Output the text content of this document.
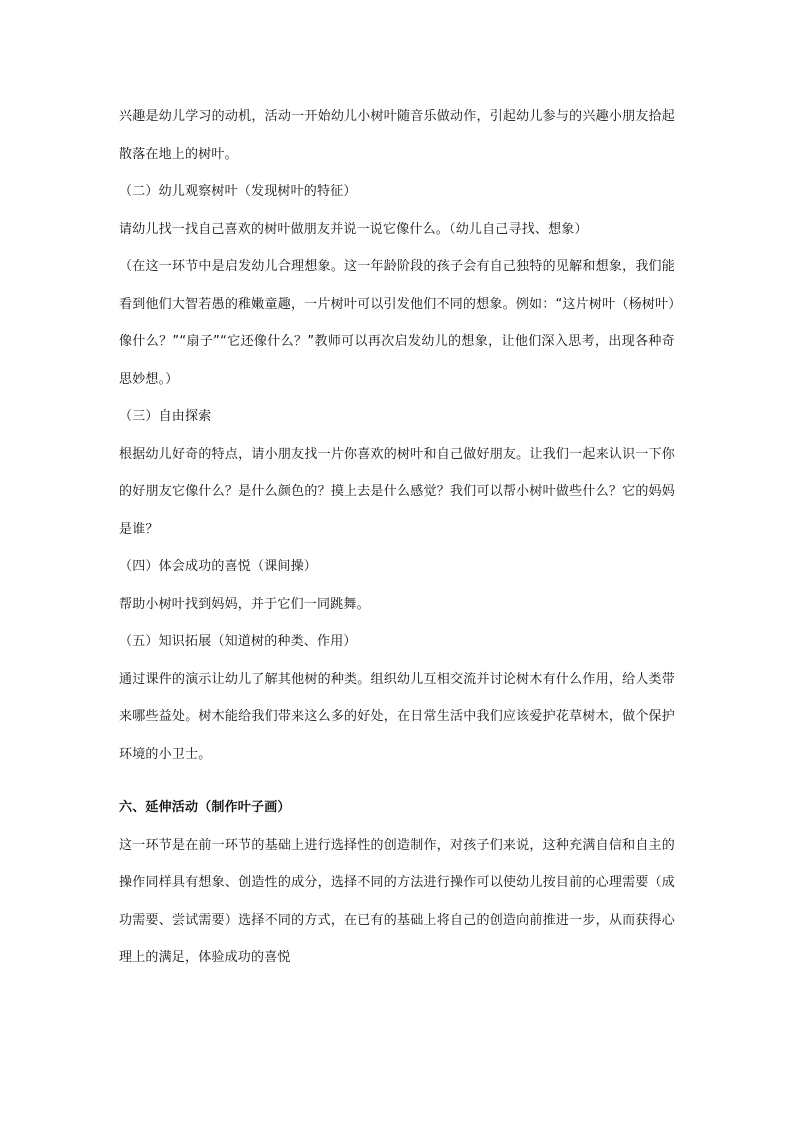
兴趣是幼儿学习的动机，活动一开始幼儿小树叶随音乐做动作，引起幼儿参与的兴趣小朋友拾起散落在地上的树叶。

（二）幼儿观察树叶（发现树叶的特征）

请幼儿找一找自己喜欢的树叶做朋友并说一说它像什么。（幼儿自己寻找、想象）

（在这一环节中是启发幼儿合理想象。这一年龄阶段的孩子会有自己独特的见解和想象，我们能看到他们大智若愚的稚嫩童趣，一片树叶可以引发他们不同的想象。例如：“这片树叶（杨树叶）像什么？”“扇子”“它还像什么？”教师可以再次启发幼儿的想象，让他们深入思考，出现各种奇思妙想。）

（三）自由探索

根据幼儿好奇的特点，请小朋友找一片你喜欢的树叶和自己做好朋友。让我们一起来认识一下你的好朋友它像什么？是什么颜色的？摸上去是什么感觉？我们可以帮小树叶做些什么？它的妈妈是谁？

（四）体会成功的喜悦（课间操）

帮助小树叶找到妈妈，并于它们一同跳舞。

（五）知识拓展（知道树的种类、作用）

通过课件的演示让幼儿了解其他树的种类。组织幼儿互相交流并讨论树木有什么作用，给人类带来哪些益处。树木能给我们带来这么多的好处，在日常生活中我们应该爱护花草树木，做个保护环境的小卫士。

六、延伸活动（制作叶子画）

这一环节是在前一环节的基础上进行选择性的创造制作，对孩子们来说，这种充满自信和自主的操作同样具有想象、创造性的成分，选择不同的方法进行操作可以使幼儿按目前的心理需要（成功需要、尝试需要）选择不同的方式，在已有的基础上将自己的创造向前推进一步，从而获得心理上的满足，体验成功的喜悦
